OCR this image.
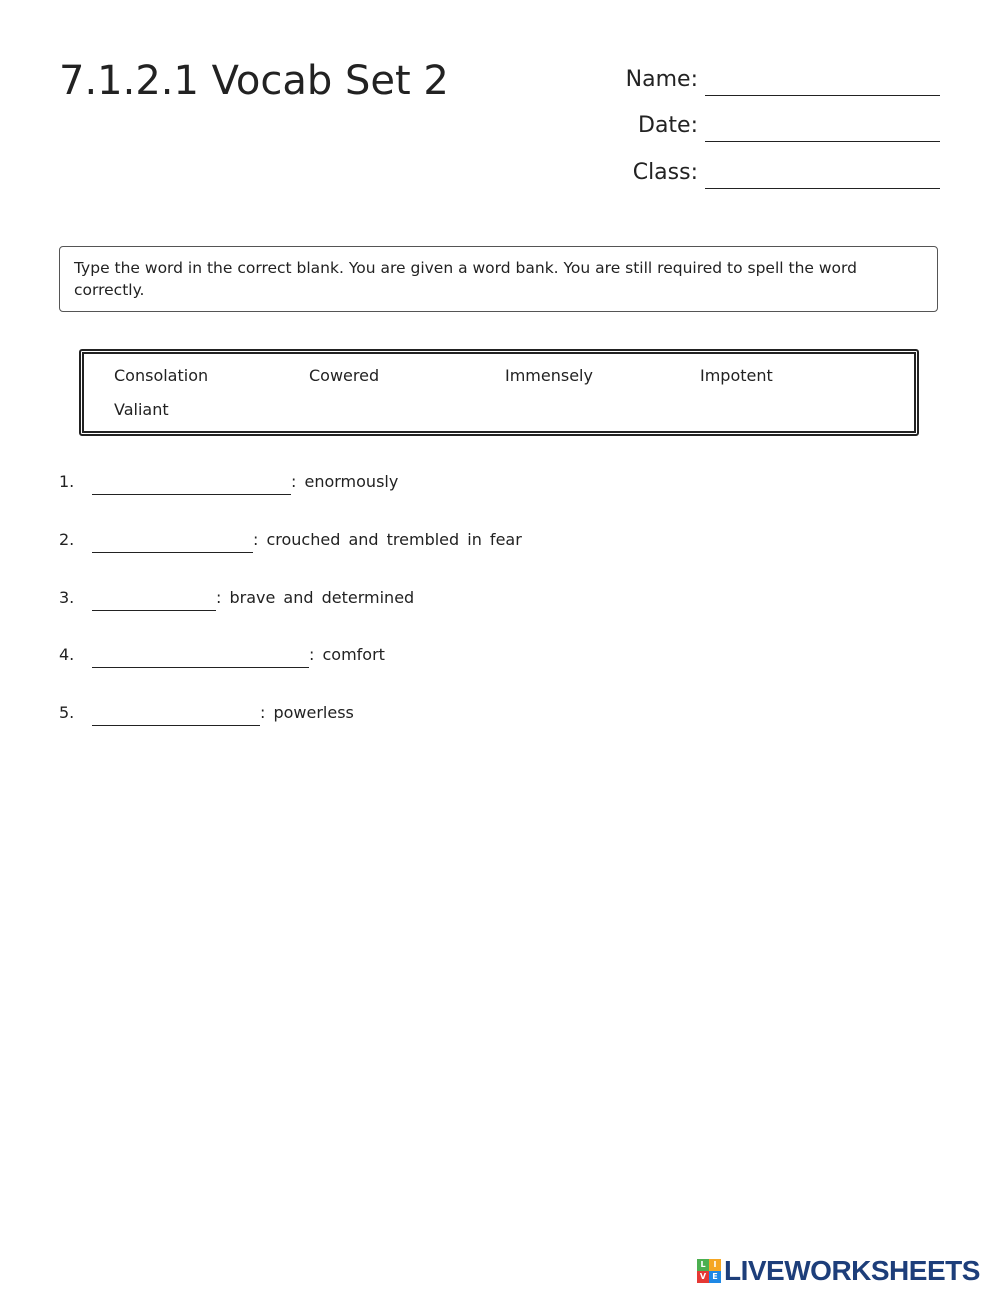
7.1.2.1 Vocab Set 2	Name:
Date:
Class:
Type the word in the correct blank. You are given a word bank. You are still required to spell the word correctly.
Consolation	Cowered	Immensely	Impotent
Valiant
1.	: enormously
2.	: crouched and trembled in fear
3.	: brave and determined
4.	: comfort
5.	: powerless
L I
V E LIVEWORKSHEETS
